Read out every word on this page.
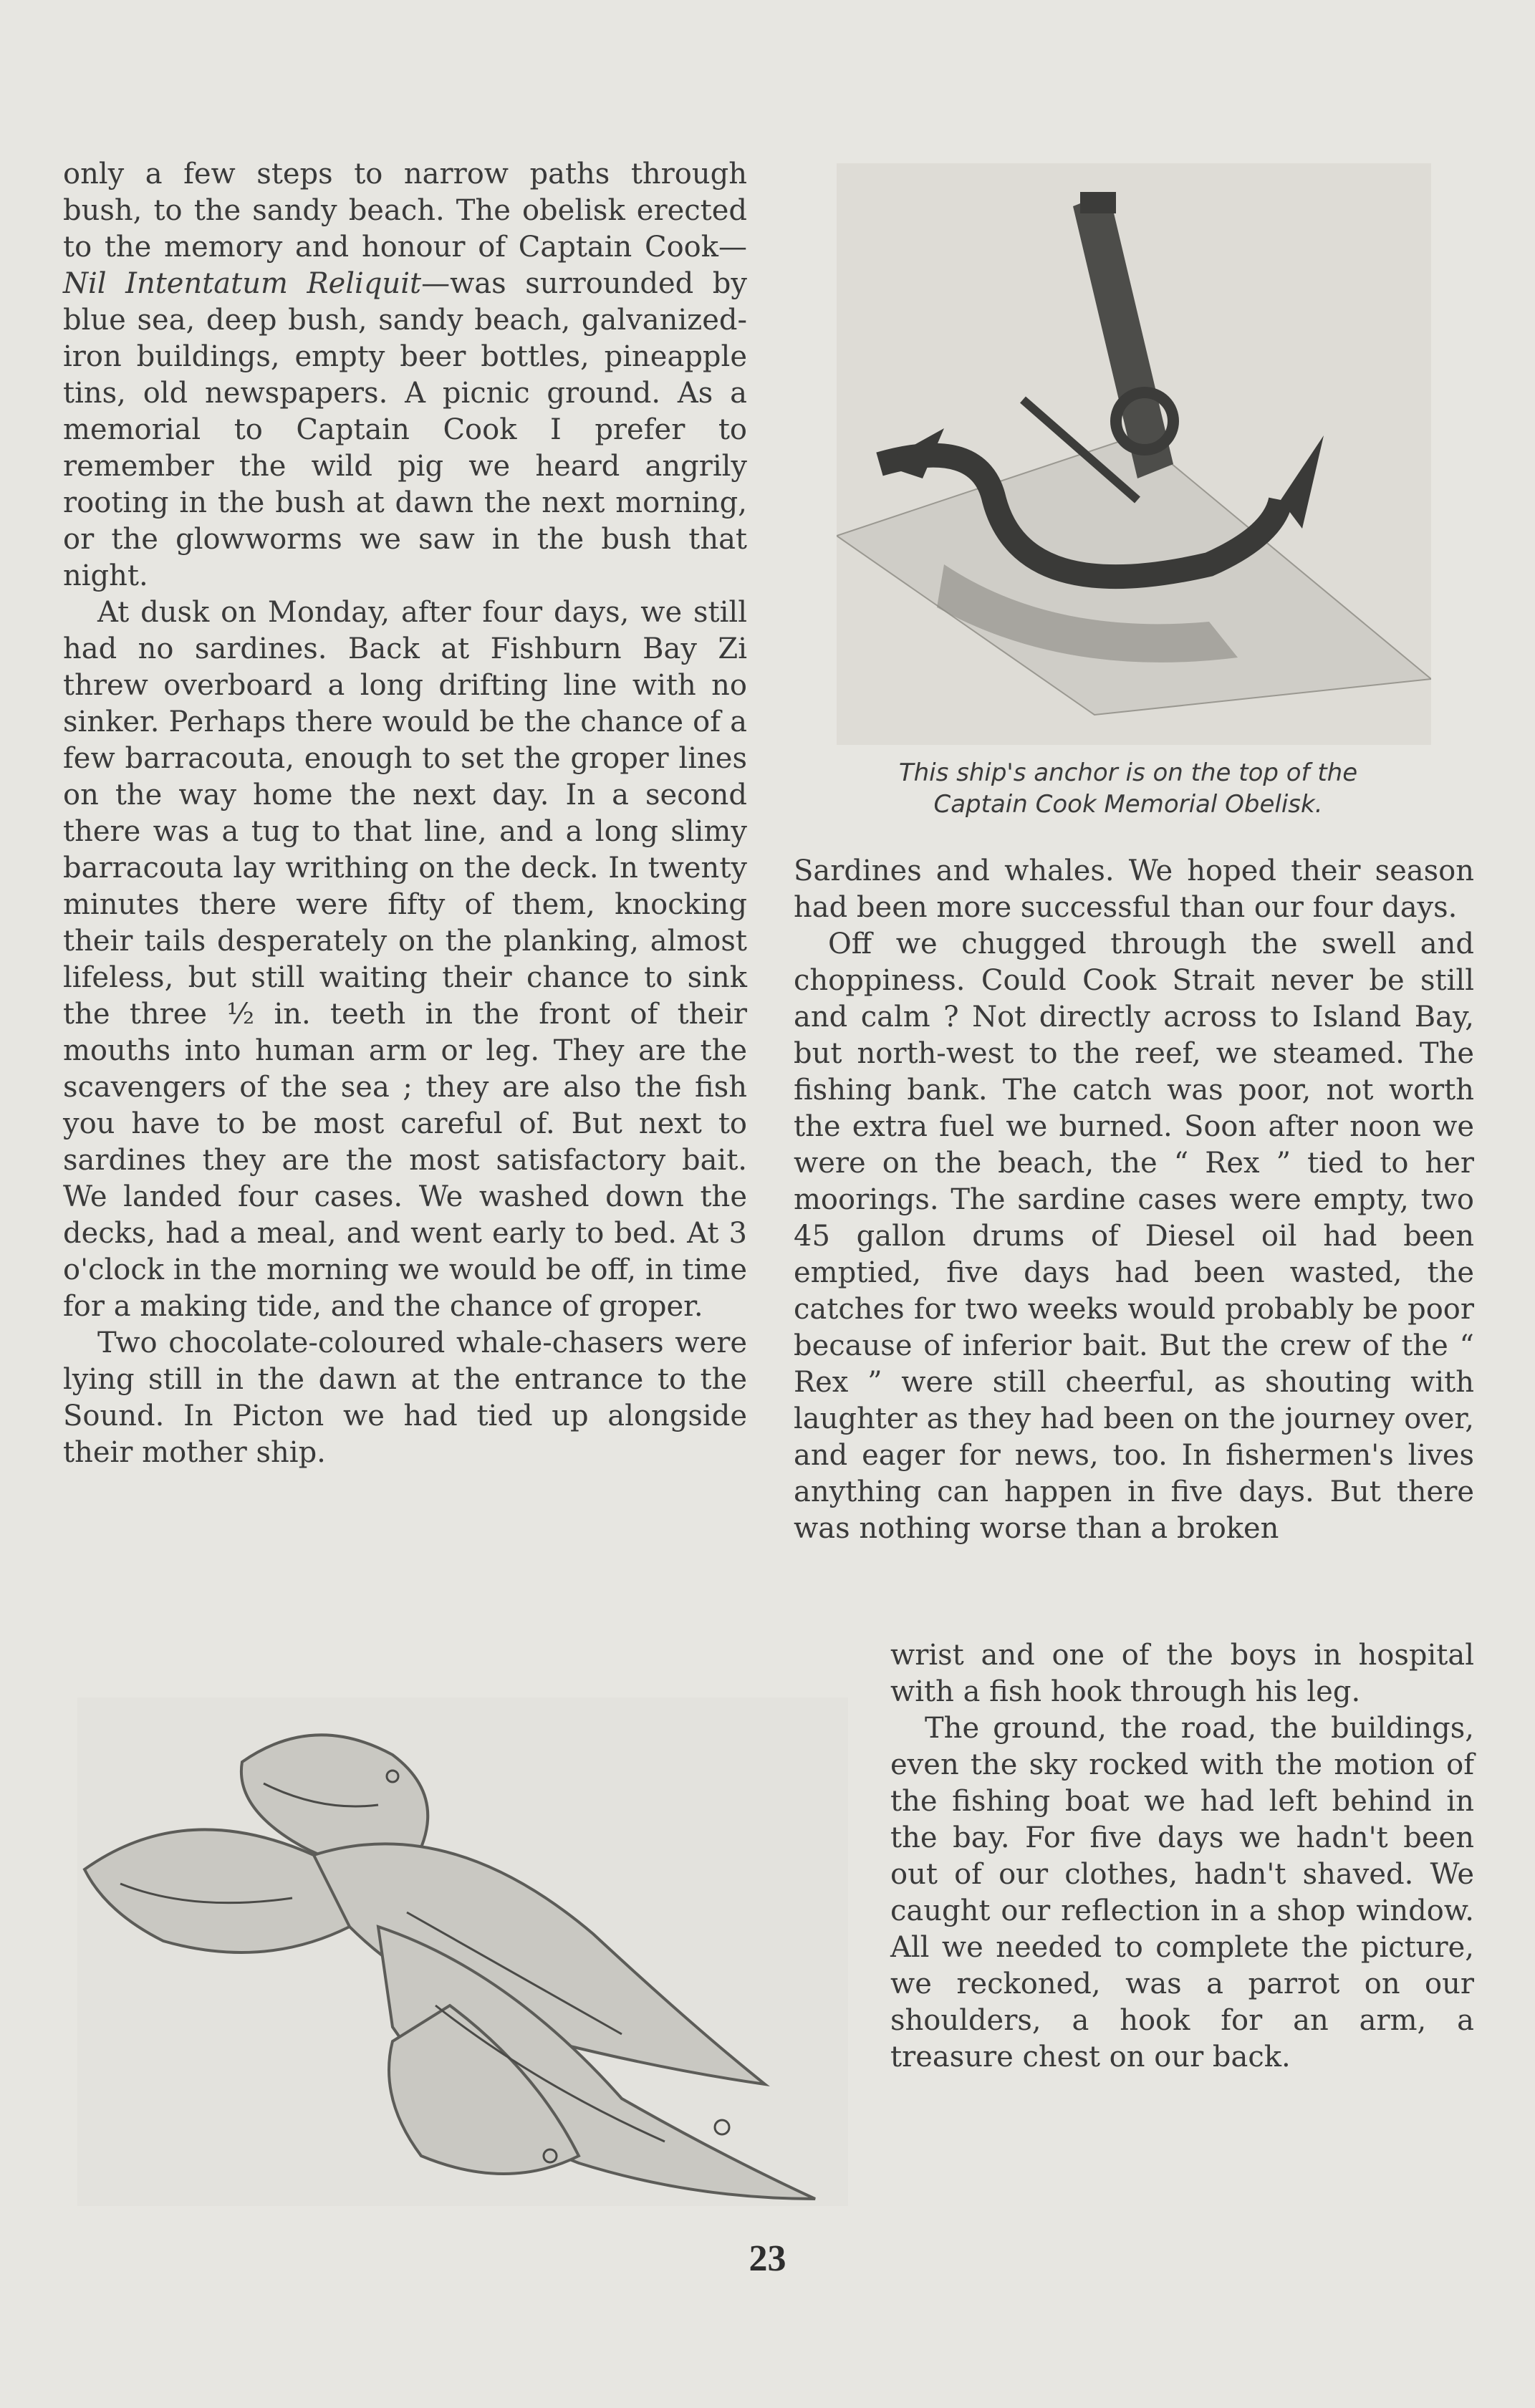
only a few steps to narrow paths through bush, to the sandy beach. The obelisk erected to the memory and honour of Captain Cook—Nil Intentatum Reliquit—was surrounded by blue sea, deep bush, sandy beach, galvanized-iron buildings, empty beer bottles, pineapple tins, old newspapers. A picnic ground. As a memorial to Captain Cook I prefer to remember the wild pig we heard angrily rooting in the bush at dawn the next morning, or the glowworms we saw in the bush that night.

At dusk on Monday, after four days, we still had no sardines. Back at Fishburn Bay Zi threw overboard a long drifting line with no sinker. Perhaps there would be the chance of a few barracouta, enough to set the groper lines on the way home the next day. In a second there was a tug to that line, and a long slimy barracouta lay writhing on the deck. In twenty minutes there were fifty of them, knocking their tails desperately on the planking, almost lifeless, but still waiting their chance to sink the three ½ in. teeth in the front of their mouths into human arm or leg. They are the scavengers of the sea ; they are also the fish you have to be most careful of. But next to sardines they are the most satisfactory bait. We landed four cases. We washed down the decks, had a meal, and went early to bed. At 3 o'clock in the morning we would be off, in time for a making tide, and the chance of groper.

Two chocolate-coloured whale-chasers were lying still in the dawn at the entrance to the Sound. In Picton we had tied up alongside their mother ship.

This ship's anchor is on the top of the
Captain Cook Memorial Obelisk.

Sardines and whales. We hoped their season had been more successful than our four days.

Off we chugged through the swell and choppiness. Could Cook Strait never be still and calm ? Not directly across to Island Bay, but north-west to the reef, we steamed. The fishing bank. The catch was poor, not worth the extra fuel we burned. Soon after noon we were on the beach, the “ Rex ” tied to her moorings. The sardine cases were empty, two 45 gallon drums of Diesel oil had been emptied, five days had been wasted, the catches for two weeks would probably be poor because of inferior bait. But the crew of the “ Rex ” were still cheerful, as shouting with laughter as they had been on the journey over, and eager for news, too. In fishermen's lives anything can happen in five days. But there was nothing worse than a broken

wrist and one of the boys in hospital with a fish hook through his leg.

The ground, the road, the buildings, even the sky rocked with the motion of the fishing boat we had left behind in the bay. For five days we hadn't been out of our clothes, hadn't shaved. We caught our reflection in a shop window. All we needed to complete the picture, we reckoned, was a parrot on our shoulders, a hook for an arm, a treasure chest on our back.

23
